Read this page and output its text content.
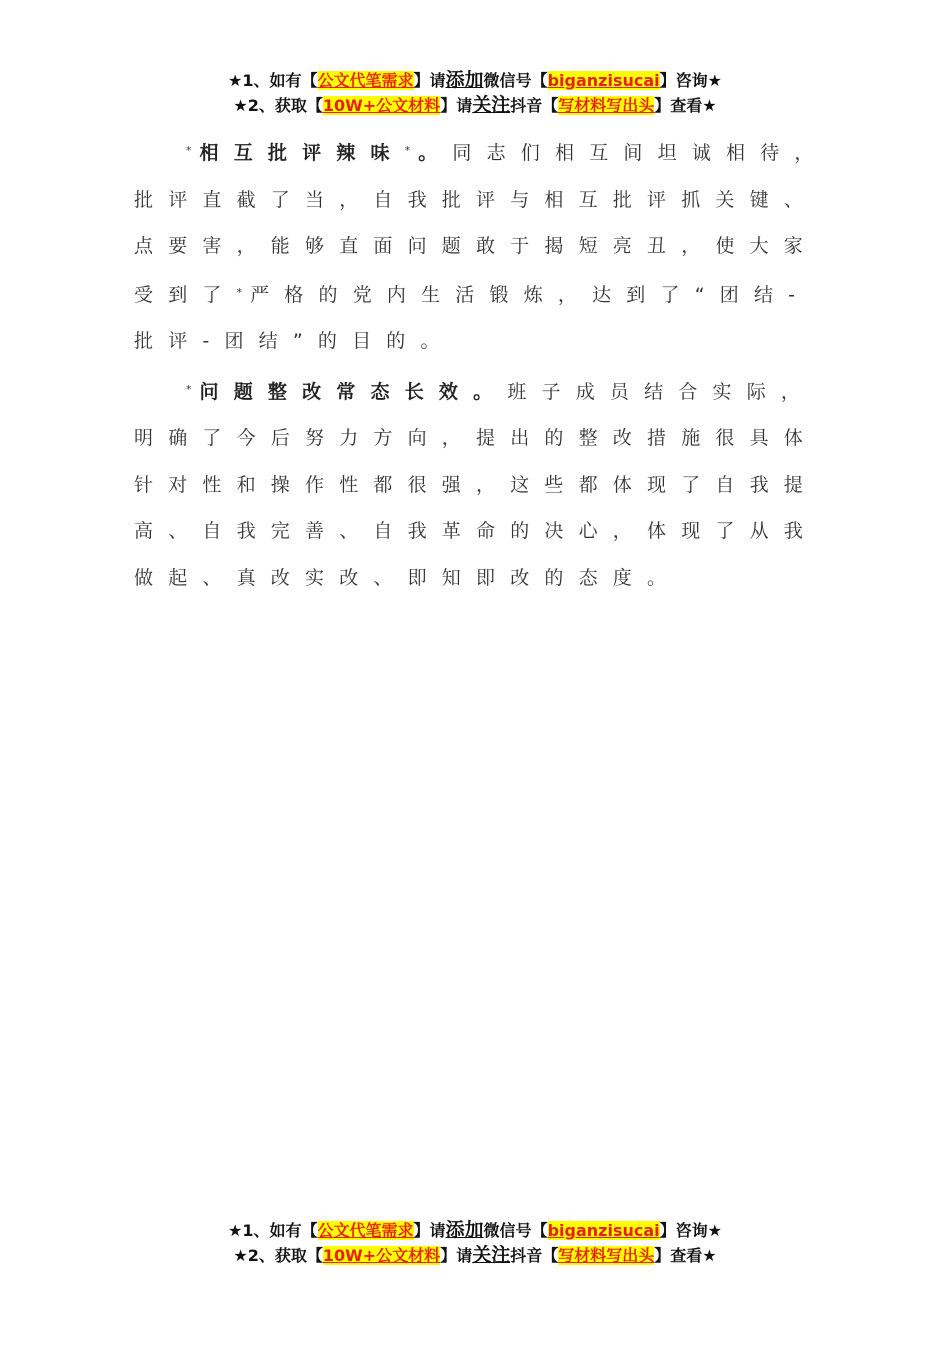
★1、如有【公文代笔需求】请添加微信号【biganzisucai】咨询★
★2、获取【10W+公文材料】请关注抖音【写材料写出头】查看★

*相互批评辣味*。同志们相互间坦诚相待，批评直截了当，自我批评与相互批评抓关键、点要害，能够直面问题敢于揭短亮丑，使大家受到了*严格的党内生活锻炼，达到了“团结-批评-团结”的目的。

*问题整改常态长效。班子成员结合实际，明确了今后努力方向，提出的整改措施很具体针对性和操作性都很强，这些都体现了自我提高、自我完善、自我革命的决心，体现了从我做起、真改实改、即知即改的态度。

★1、如有【公文代笔需求】请添加微信号【biganzisucai】咨询★
★2、获取【10W+公文材料】请关注抖音【写材料写出头】查看★
